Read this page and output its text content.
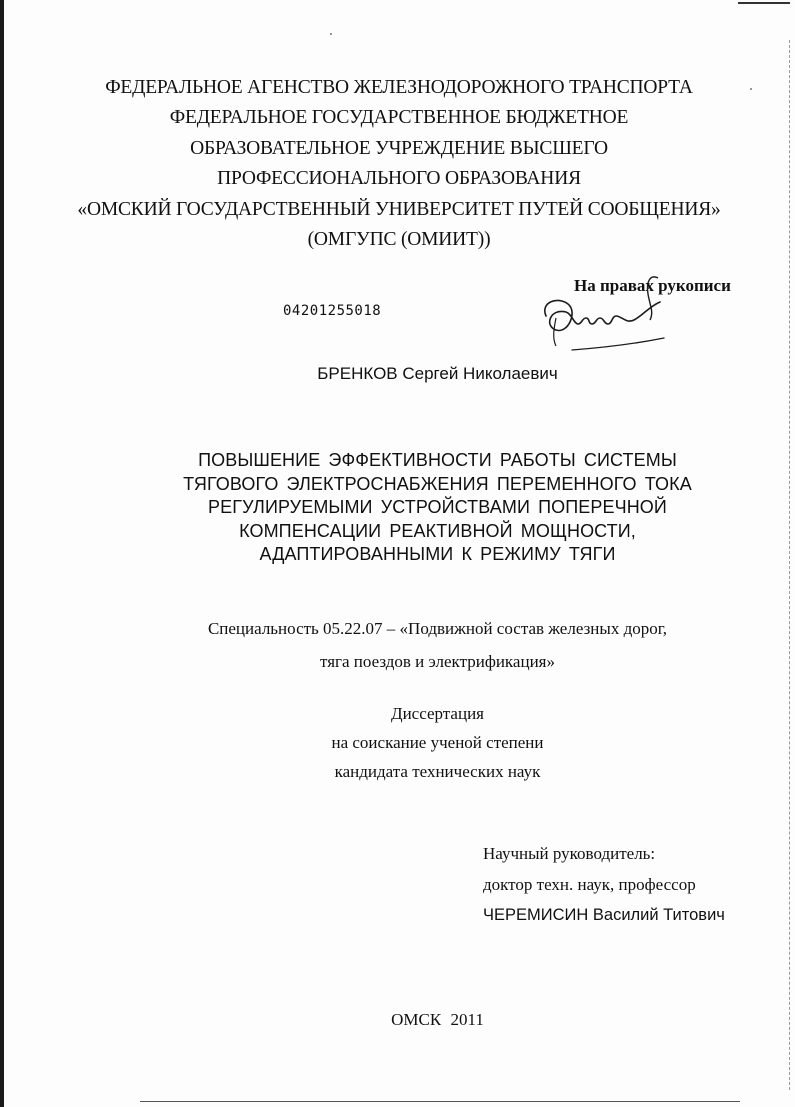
ФЕДЕРАЛЬНОЕ АГЕНСТВО ЖЕЛЕЗНОДОРОЖНОГО ТРАНСПОРТА
ФЕДЕРАЛЬНОЕ ГОСУДАРСТВЕННОЕ БЮДЖЕТНОЕ
ОБРАЗОВАТЕЛЬНОЕ УЧРЕЖДЕНИЕ ВЫСШЕГО
ПРОФЕССИОНАЛЬНОГО ОБРАЗОВАНИЯ
«ОМСКИЙ ГОСУДАРСТВЕННЫЙ УНИВЕРСИТЕТ ПУТЕЙ СООБЩЕНИЯ»
(ОМГУПС (ОМИИТ))
На правах рукописи
04201255018
БРЕНКОВ Сергей Николаевич
ПОВЫШЕНИЕ ЭФФЕКТИВНОСТИ РАБОТЫ СИСТЕМЫ
ТЯГОВОГО ЭЛЕКТРОСНАБЖЕНИЯ ПЕРЕМЕННОГО ТОКА
РЕГУЛИРУЕМЫМИ УСТРОЙСТВАМИ ПОПЕРЕЧНОЙ
КОМПЕНСАЦИИ РЕАКТИВНОЙ МОЩНОСТИ,
АДАПТИРОВАННЫМИ К РЕЖИМУ ТЯГИ
Специальность 05.22.07 – «Подвижной состав железных дорог,
тяга поездов и электрификация»
Диссертация
на соискание ученой степени
кандидата технических наук
Научный руководитель:
доктор техн. наук, профессор
ЧЕРЕМИСИН Василий Титович
ОМСК 2011
